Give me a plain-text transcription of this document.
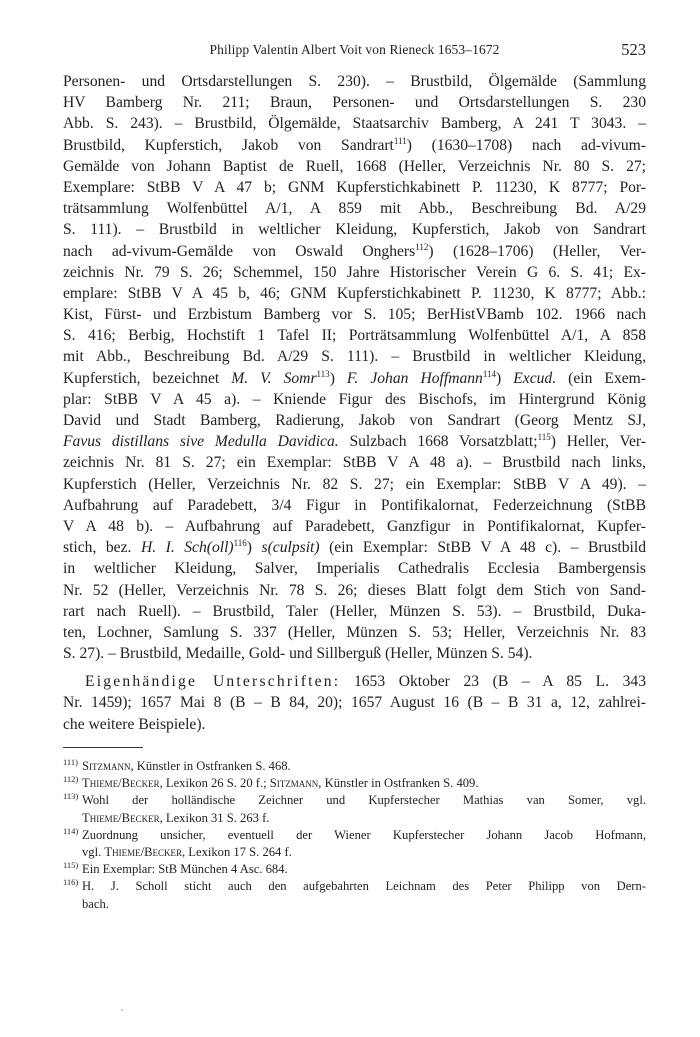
Philipp Valentin Albert Voit von Rieneck 1653–1672	523
Personen- und Ortsdarstellungen S. 230). – Brustbild, Ölgemälde (Sammlung
HV Bamberg Nr. 211; Braun, Personen- und Ortsdarstellungen S. 230
Abb. S. 243). – Brustbild, Ölgemälde, Staatsarchiv Bamberg, A 241 T 3043. –
Brustbild, Kupferstich, Jakob von Sandrart$^{111}$) (1630–1708) nach ad-vivum-
Gemälde von Johann Baptist de Ruell, 1668 (Heller, Verzeichnis Nr. 80 S. 27;
Exemplare: StBB V A 47 b; GNM Kupferstichkabinett P. 11230, K 8777; Por-
trätsammlung Wolfenbüttel A/1, A 859 mit Abb., Beschreibung Bd. A/29
S. 111). – Brustbild in weltlicher Kleidung, Kupferstich, Jakob von Sandrart
nach ad-vivum-Gemälde von Oswald Onghers$^{112}$) (1628–1706) (Heller, Ver-
zeichnis Nr. 79 S. 26; Schemmel, 150 Jahre Historischer Verein G 6. S. 41; Ex-
emplare: StBB V A 45 b, 46; GNM Kupferstichkabinett P. 11230, K 8777; Abb.:
Kist, Fürst- und Erzbistum Bamberg vor S. 105; BerHistVBamb 102. 1966 nach
S. 416; Berbig, Hochstift 1 Tafel II; Porträtsammlung Wolfenbüttel A/1, A 858
mit Abb., Beschreibung Bd. A/29 S. 111). – Brustbild in weltlicher Kleidung,
Kupferstich, bezeichnet M. V. Somr$^{113}$) F. Johan Hoffmann$^{114}$) Excud. (ein Exem-
plar: StBB V A 45 a). – Kniende Figur des Bischofs, im Hintergrund König
David und Stadt Bamberg, Radierung, Jakob von Sandrart (Georg Mentz SJ,
Favus distillans sive Medulla Davidica. Sulzbach 1668 Vorsatzblatt;$^{115}$) Heller, Ver-
zeichnis Nr. 81 S. 27; ein Exemplar: StBB V A 48 a). – Brustbild nach links,
Kupferstich (Heller, Verzeichnis Nr. 82 S. 27; ein Exemplar: StBB V A 49). –
Aufbahrung auf Paradebett, 3/4 Figur in Pontifikalornat, Federzeichnung (StBB
V A 48 b). – Aufbahrung auf Paradebett, Ganzfigur in Pontifikalornat, Kupfer-
stich, bez. H. I. Sch(oll)$^{116}$) s(culpsit) (ein Exemplar: StBB V A 48 c). – Brustbild
in weltlicher Kleidung, Salver, Imperialis Cathedralis Ecclesia Bambergensis
Nr. 52 (Heller, Verzeichnis Nr. 78 S. 26; dieses Blatt folgt dem Stich von Sand-
rart nach Ruell). – Brustbild, Taler (Heller, Münzen S. 53). – Brustbild, Duka-
ten, Lochner, Samlung S. 337 (Heller, Münzen S. 53; Heller, Verzeichnis Nr. 83
S. 27). – Brustbild, Medaille, Gold- und Sillberguß (Heller, Münzen S. 54).
Eigenhändige Unterschriften: 1653 Oktober 23 (B – A 85 L. 343
Nr. 1459); 1657 Mai 8 (B – B 84, 20); 1657 August 16 (B – B 31 a, 12, zahlrei-
che weitere Beispiele).
111) Sitzmann, Künstler in Ostfranken S. 468.
112) Thieme/Becker, Lexikon 26 S. 20 f.; Sitzmann, Künstler in Ostfranken S. 409.
113) Wohl der holländische Zeichner und Kupferstecher Mathias van Somer, vgl.
Thieme/Becker, Lexikon 31 S. 263 f.
114) Zuordnung unsicher, eventuell der Wiener Kupferstecher Johann Jacob Hofmann,
vgl. Thieme/Becker, Lexikon 17 S. 264 f.
115) Ein Exemplar: StB München 4 Asc. 684.
116) H. J. Scholl sticht auch den aufgebahrten Leichnam des Peter Philipp von Dern-
bach.
